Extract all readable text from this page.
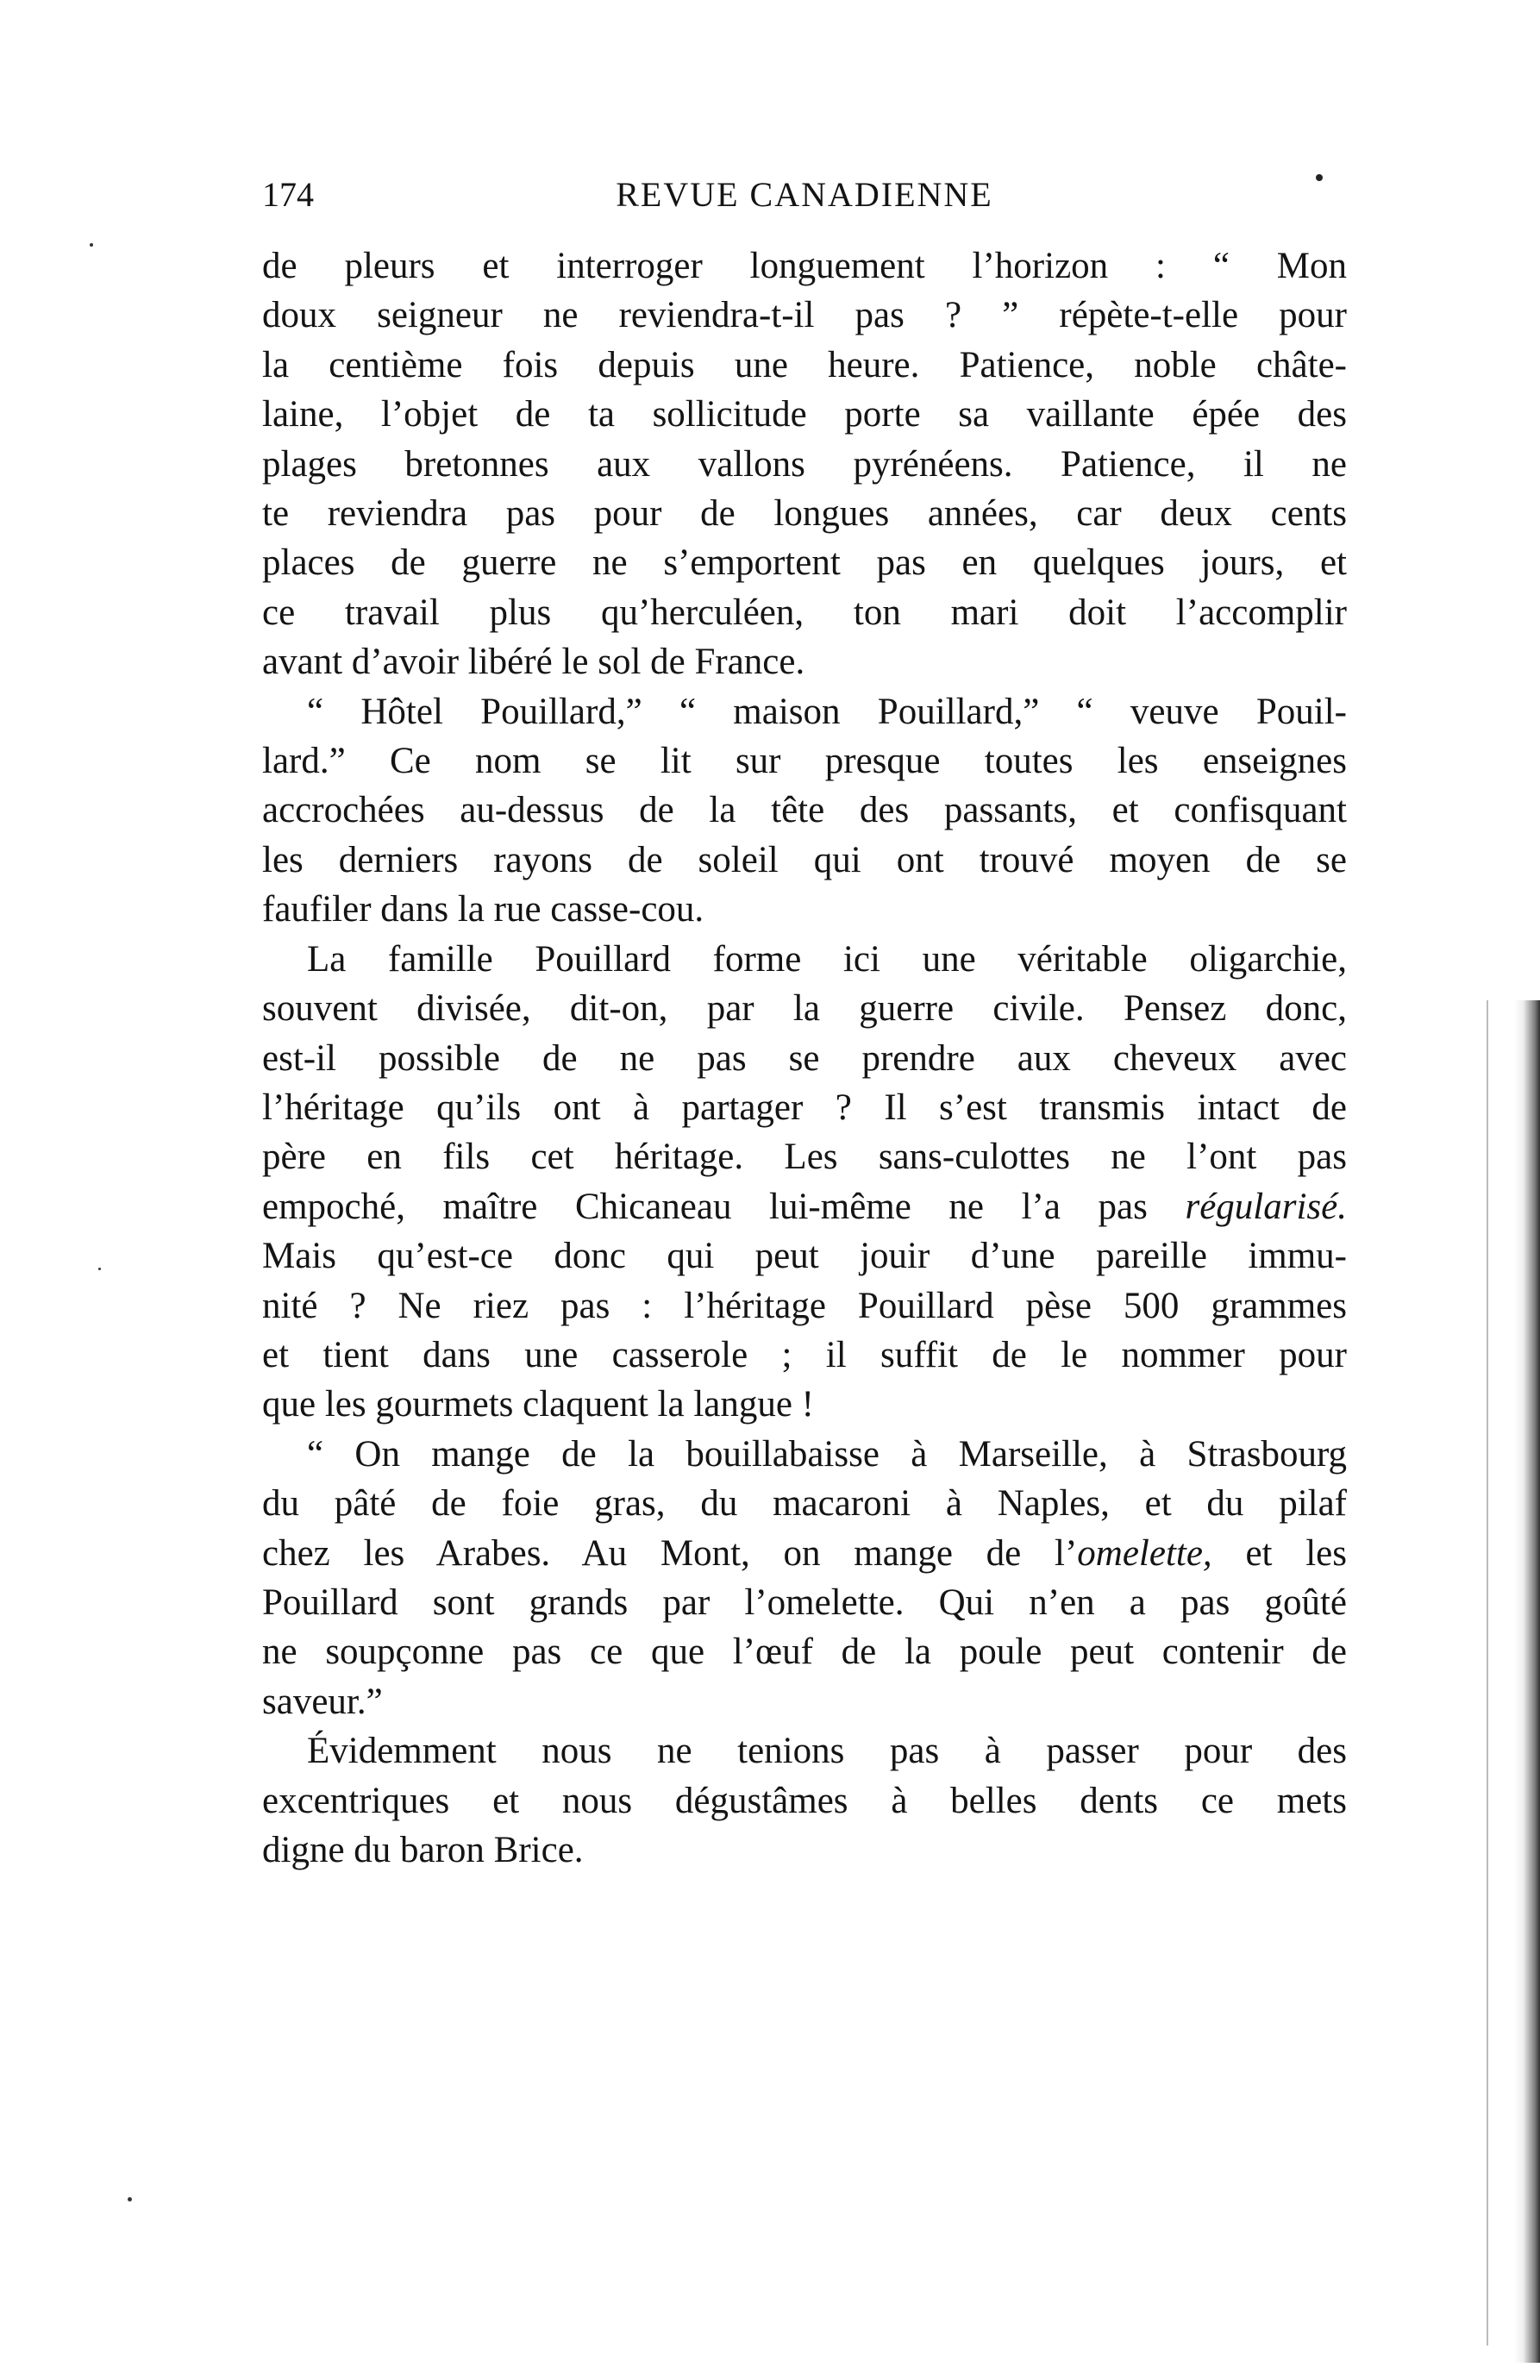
174	REVUE CANADIENNE

de pleurs et interroger longuement l’horizon : “ Mon
doux seigneur ne reviendra-t-il pas ? ” répète-t-elle pour
la centième fois depuis une heure. Patience, noble châte-
laine, l’objet de ta sollicitude porte sa vaillante épée des
plages bretonnes aux vallons pyrénéens. Patience, il ne
te reviendra pas pour de longues années, car deux cents
places de guerre ne s’emportent pas en quelques jours, et
ce travail plus qu’herculéen, ton mari doit l’accomplir
avant d’avoir libéré le sol de France.

“ Hôtel Pouillard,” “ maison Pouillard,” “ veuve Pouil-
lard.” Ce nom se lit sur presque toutes les enseignes
accrochées au-dessus de la tête des passants, et confisquant
les derniers rayons de soleil qui ont trouvé moyen de se
faufiler dans la rue casse-cou.

La famille Pouillard forme ici une véritable oligarchie,
souvent divisée, dit-on, par la guerre civile. Pensez donc,
est-il possible de ne pas se prendre aux cheveux avec
l’héritage qu’ils ont à partager ? Il s’est transmis intact de
père en fils cet héritage. Les sans-culottes ne l’ont pas
empoché, maître Chicaneau lui-même ne l’a pas régularisé.
Mais qu’est-ce donc qui peut jouir d’une pareille immu-
nité ? Ne riez pas : l’héritage Pouillard pèse 500 grammes
et tient dans une casserole ; il suffit de le nommer pour
que les gourmets claquent la langue !

“ On mange de la bouillabaisse à Marseille, à Strasbourg
du pâté de foie gras, du macaroni à Naples, et du pilaf
chez les Arabes. Au Mont, on mange de l’omelette, et les
Pouillard sont grands par l’omelette. Qui n’en a pas goûté
ne soupçonne pas ce que l’œuf de la poule peut contenir de
saveur.”

Évidemment nous ne tenions pas à passer pour des
excentriques et nous dégustâmes à belles dents ce mets
digne du baron Brice.
